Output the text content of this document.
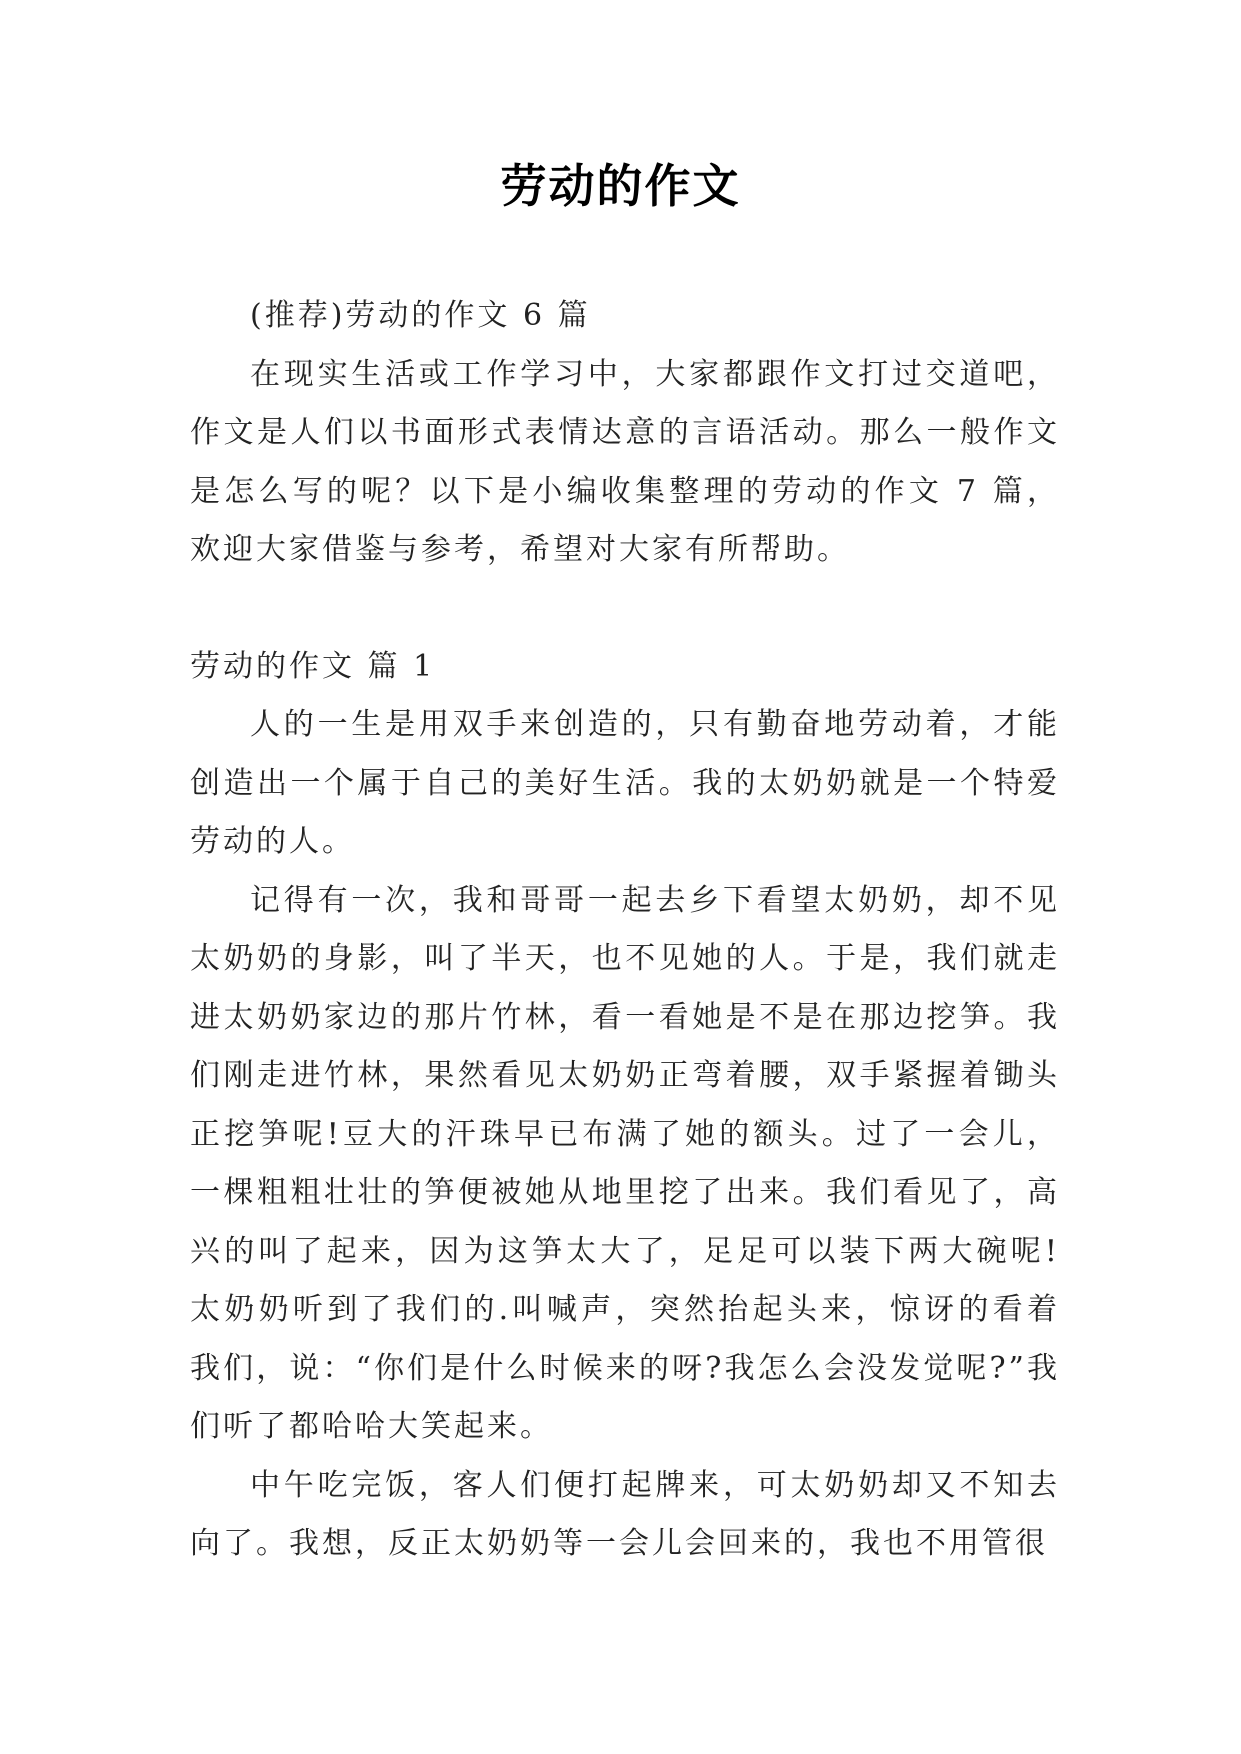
劳动的作文

(推荐)劳动的作文 6 篇

在现实生活或工作学习中，大家都跟作文打过交道吧，作文是人们以书面形式表情达意的言语活动。那么一般作文是怎么写的呢？以下是小编收集整理的劳动的作文 7 篇，欢迎大家借鉴与参考，希望对大家有所帮助。

劳动的作文 篇 1

人的一生是用双手来创造的，只有勤奋地劳动着，才能创造出一个属于自己的美好生活。我的太奶奶就是一个特爱劳动的人。

记得有一次，我和哥哥一起去乡下看望太奶奶，却不见太奶奶的身影，叫了半天，也不见她的人。于是，我们就走进太奶奶家边的那片竹林，看一看她是不是在那边挖笋。我们刚走进竹林，果然看见太奶奶正弯着腰，双手紧握着锄头正挖笋呢!豆大的汗珠早已布满了她的额头。过了一会儿，一棵粗粗壮壮的笋便被她从地里挖了出来。我们看见了，高兴的叫了起来，因为这笋太大了，足足可以装下两大碗呢!太奶奶听到了我们的.叫喊声，突然抬起头来，惊讶的看着我们，说：“你们是什么时候来的呀?我怎么会没发觉呢?”我们听了都哈哈大笑起来。

中午吃完饭，客人们便打起牌来，可太奶奶却又不知去向了。我想，反正太奶奶等一会儿会回来的，我也不用管很
